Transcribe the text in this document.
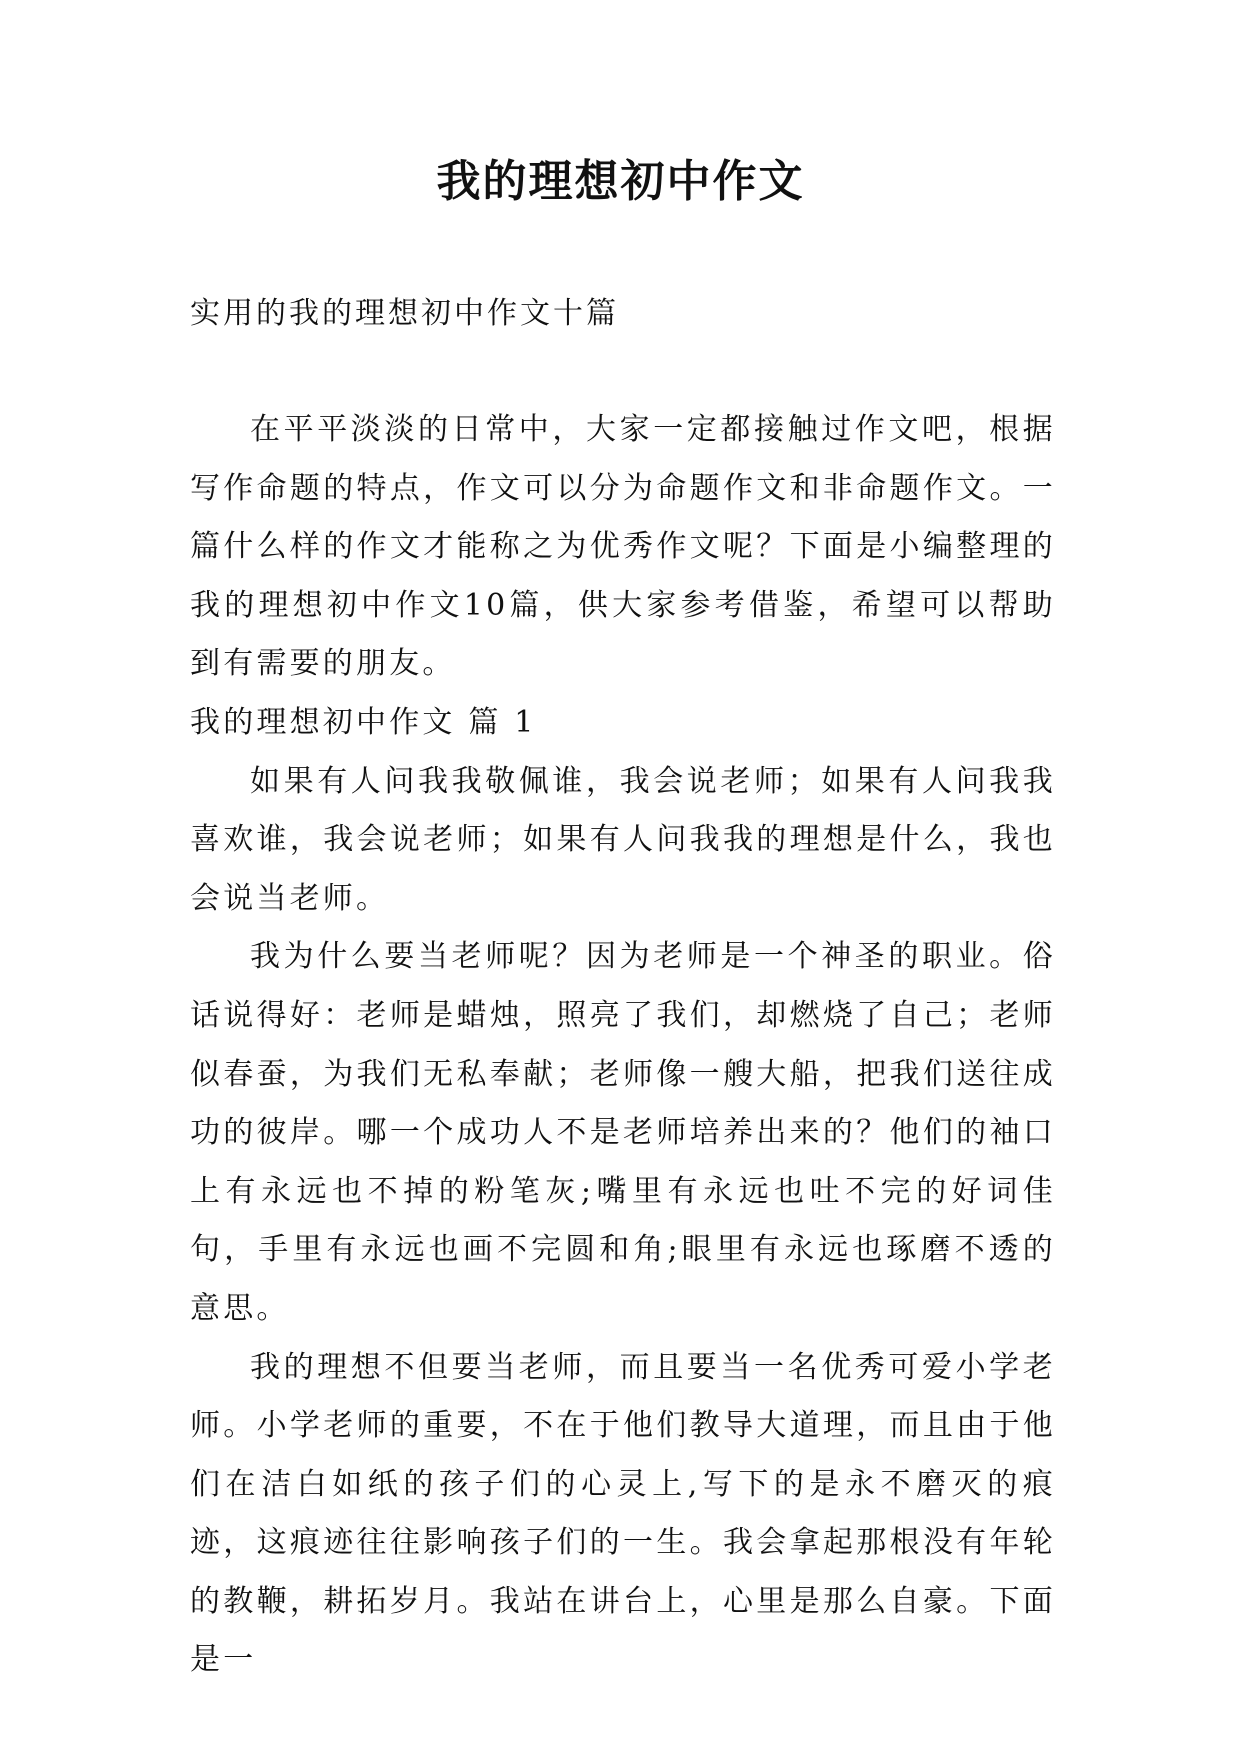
我的理想初中作文

实用的我的理想初中作文十篇

在平平淡淡的日常中，大家一定都接触过作文吧，根据写作命题的特点，作文可以分为命题作文和非命题作文。一篇什么样的作文才能称之为优秀作文呢？下面是小编整理的我的理想初中作文10篇，供大家参考借鉴，希望可以帮助到有需要的朋友。

我的理想初中作文 篇 1

如果有人问我我敬佩谁，我会说老师；如果有人问我我喜欢谁，我会说老师；如果有人问我我的理想是什么，我也会说当老师。

我为什么要当老师呢？因为老师是一个神圣的职业。俗话说得好：老师是蜡烛，照亮了我们，却燃烧了自己；老师似春蚕，为我们无私奉献；老师像一艘大船，把我们送往成功的彼岸。哪一个成功人不是老师培养出来的？他们的袖口上有永远也不掉的粉笔灰;嘴里有永远也吐不完的好词佳句，手里有永远也画不完圆和角;眼里有永远也琢磨不透的意思。

我的理想不但要当老师，而且要当一名优秀可爱小学老师。小学老师的重要，不在于他们教导大道理，而且由于他们在洁白如纸的孩子们的心灵上,写下的是永不磨灭的痕迹，这痕迹往往影响孩子们的一生。我会拿起那根没有年轮的教鞭，耕拓岁月。我站在讲台上，心里是那么自豪。下面是一
